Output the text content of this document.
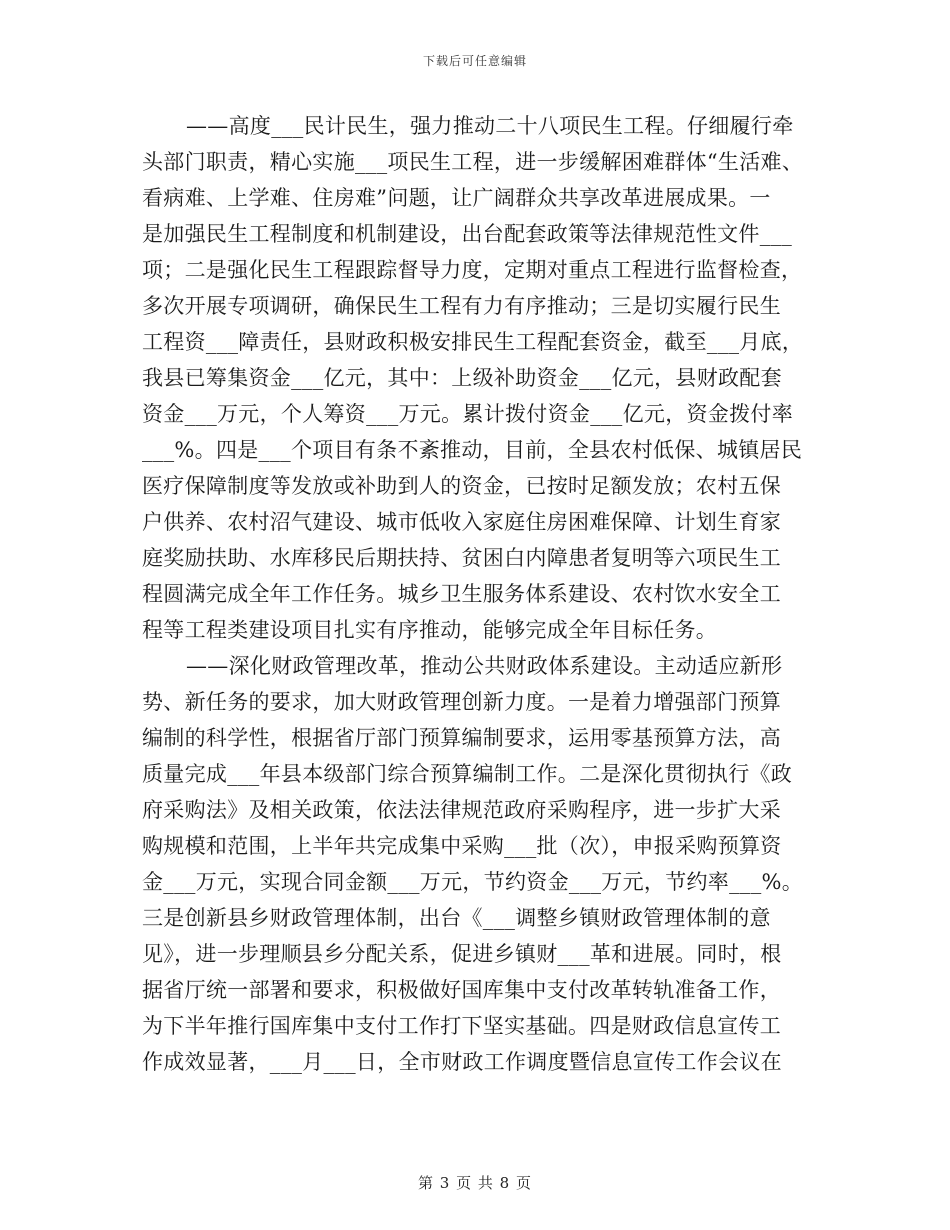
下载后可任意编辑
——高度___民计民生，强力推动二十八项民生工程。仔细履行牵
头部门职责，精心实施___项民生工程，进一步缓解困难群体“生活难、
看病难、上学难、住房难”问题，让广阔群众共享改革进展成果。一
是加强民生工程制度和机制建设，出台配套政策等法律规范性文件___
项；二是强化民生工程跟踪督导力度，定期对重点工程进行监督检查，
多次开展专项调研，确保民生工程有力有序推动；三是切实履行民生
工程资___障责任，县财政积极安排民生工程配套资金，截至___月底，
我县已筹集资金___亿元，其中：上级补助资金___亿元，县财政配套
资金___万元，个人筹资___万元。累计拨付资金___亿元，资金拨付率
___%。四是___个项目有条不紊推动，目前，全县农村低保、城镇居民
医疗保障制度等发放或补助到人的资金，已按时足额发放；农村五保
户供养、农村沼气建设、城市低收入家庭住房困难保障、计划生育家
庭奖励扶助、水库移民后期扶持、贫困白内障患者复明等六项民生工
程圆满完成全年工作任务。城乡卫生服务体系建设、农村饮水安全工
程等工程类建设项目扎实有序推动，能够完成全年目标任务。
——深化财政管理改革，推动公共财政体系建设。主动适应新形
势、新任务的要求，加大财政管理创新力度。一是着力增强部门预算
编制的科学性，根据省厅部门预算编制要求，运用零基预算方法，高
质量完成___年县本级部门综合预算编制工作。二是深化贯彻执行《政
府采购法》及相关政策，依法法律规范政府采购程序，进一步扩大采
购规模和范围，上半年共完成集中采购___批（次），申报采购预算资
金___万元，实现合同金额___万元，节约资金___万元，节约率___%。
三是创新县乡财政管理体制，出台《___调整乡镇财政管理体制的意
见》，进一步理顺县乡分配关系，促进乡镇财___革和进展。同时，根
据省厅统一部署和要求，积极做好国库集中支付改革转轨准备工作，
为下半年推行国库集中支付工作打下坚实基础。四是财政信息宣传工
作成效显著，___月___日，全市财政工作调度暨信息宣传工作会议在
第 3 页 共 8 页
